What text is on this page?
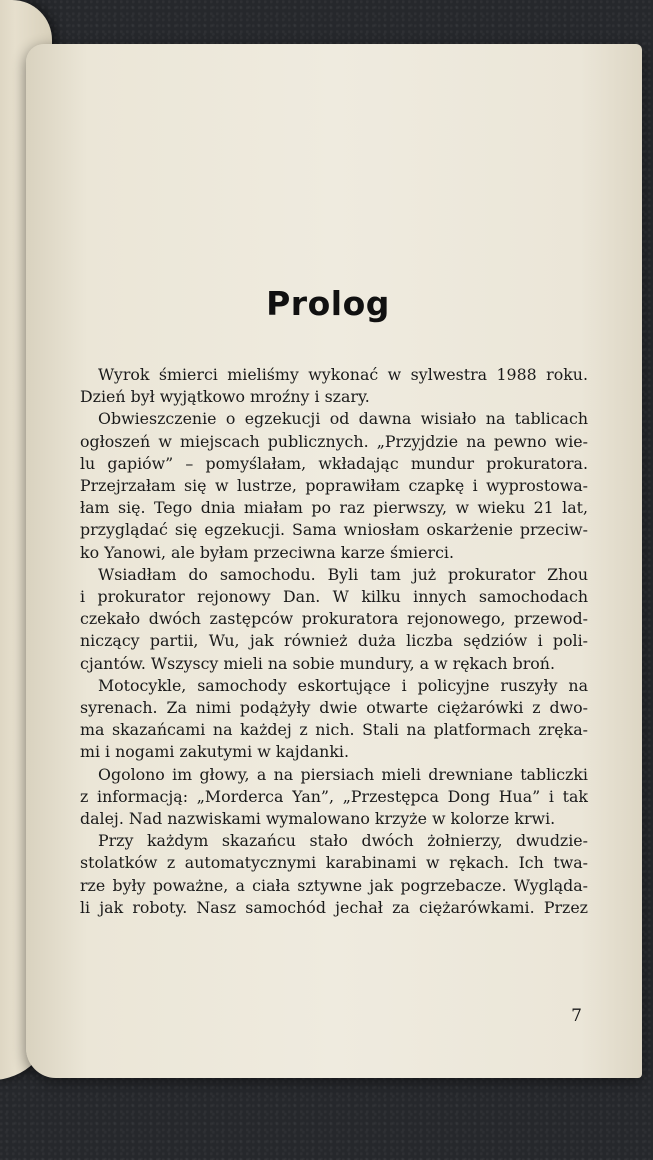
Prolog
Wyrok śmierci mieliśmy wykonać w sylwestra 1988 roku.
Dzień był wyjątkowo mroźny i szary.
Obwieszczenie o egzekucji od dawna wisiało na tablicach
ogłoszeń w miejscach publicznych. „Przyjdzie na pewno wie-
lu gapiów” – pomyślałam, wkładając mundur prokuratora.
Przejrzałam się w lustrze, poprawiłam czapkę i wyprostowa-
łam się. Tego dnia miałam po raz pierwszy, w wieku 21 lat,
przyglądać się egzekucji. Sama wniosłam oskarżenie przeciw-
ko Yanowi, ale byłam przeciwna karze śmierci.
Wsiadłam do samochodu. Byli tam już prokurator Zhou
i prokurator rejonowy Dan. W kilku innych samochodach
czekało dwóch zastępców prokuratora rejonowego, przewod-
niczący partii, Wu, jak również duża liczba sędziów i poli-
cjantów. Wszyscy mieli na sobie mundury, a w rękach broń.
Motocykle, samochody eskortujące i policyjne ruszyły na
syrenach. Za nimi podążyły dwie otwarte ciężarówki z dwo-
ma skazańcami na każdej z nich. Stali na platformach zręka-
mi i nogami zakutymi w kajdanki.
Ogolono im głowy, a na piersiach mieli drewniane tabliczki
z informacją: „Morderca Yan”, „Przestępca Dong Hua” i tak
dalej. Nad nazwiskami wymalowano krzyże w kolorze krwi.
Przy każdym skazańcu stało dwóch żołnierzy, dwudzie-
stolatków z automatycznymi karabinami w rękach. Ich twa-
rze były poważne, a ciała sztywne jak pogrzebacze. Wyglądа-
li jak roboty. Nasz samochód jechał za ciężarówkami. Przez
7
